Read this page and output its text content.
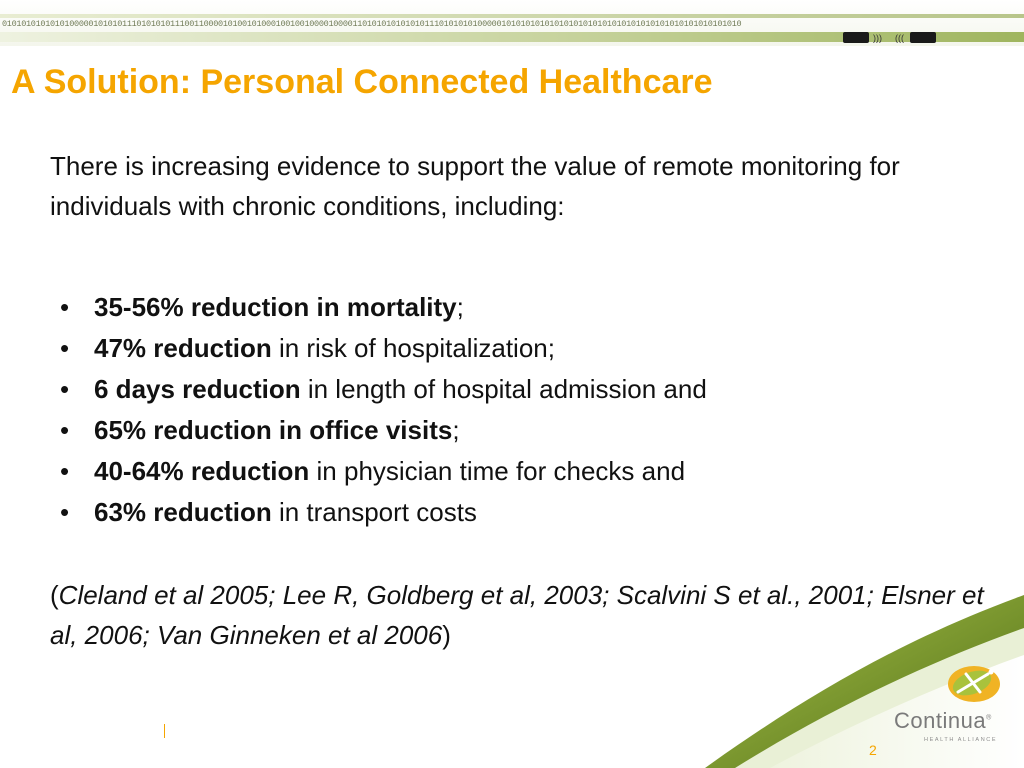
0101010101010100000101010111010101011100110000101001010001001001000010000110101010101010111010101010000010101010101010101010101010101010101010101010101010
))) (((
A Solution: Personal Connected Healthcare

There is increasing evidence to support the value of remote monitoring for individuals with chronic conditions, including:

• 35-56% reduction in mortality;
• 47% reduction in risk of hospitalization;
• 6 days reduction in length of hospital admission and
• 65% reduction in office visits;
• 40-64% reduction in physician time for checks and
• 63% reduction in transport costs

(Cleland et al 2005; Lee R, Goldberg et al, 2003; Scalvini S et al., 2001; Elsner et al, 2006; Van Ginneken et al 2006)

2
Continua®
HEALTH ALLIANCE
